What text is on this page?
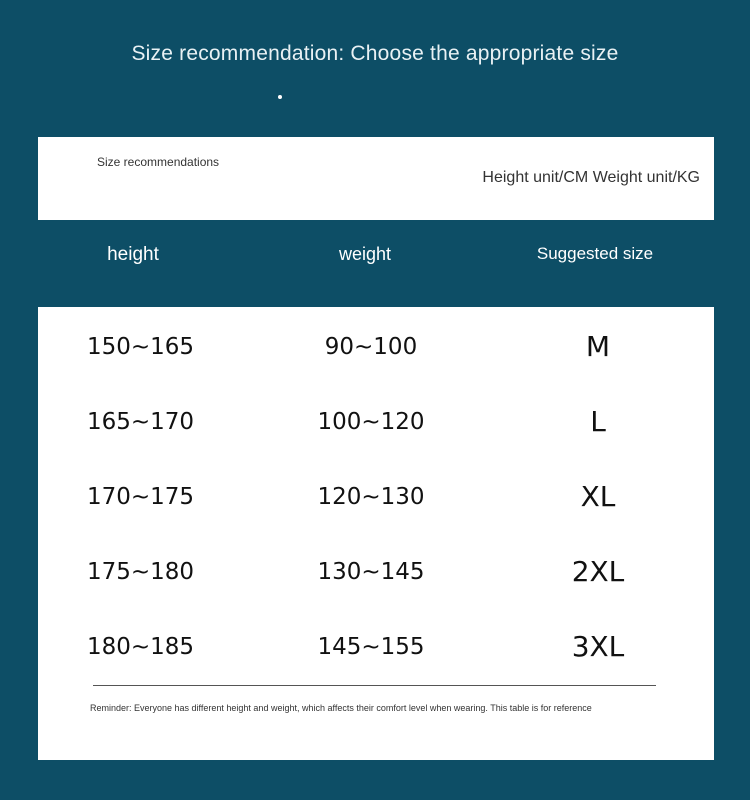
Size recommendation: Choose the appropriate size
Size recommendations
Height unit/CM Weight unit/KG
height	weight	Suggested size
150~165	90~100	M
165~170	100~120	L
170~175	120~130	XL
175~180	130~145	2XL
180~185	145~155	3XL
Reminder: Everyone has different height and weight, which affects their comfort level when wearing. This table is for reference
